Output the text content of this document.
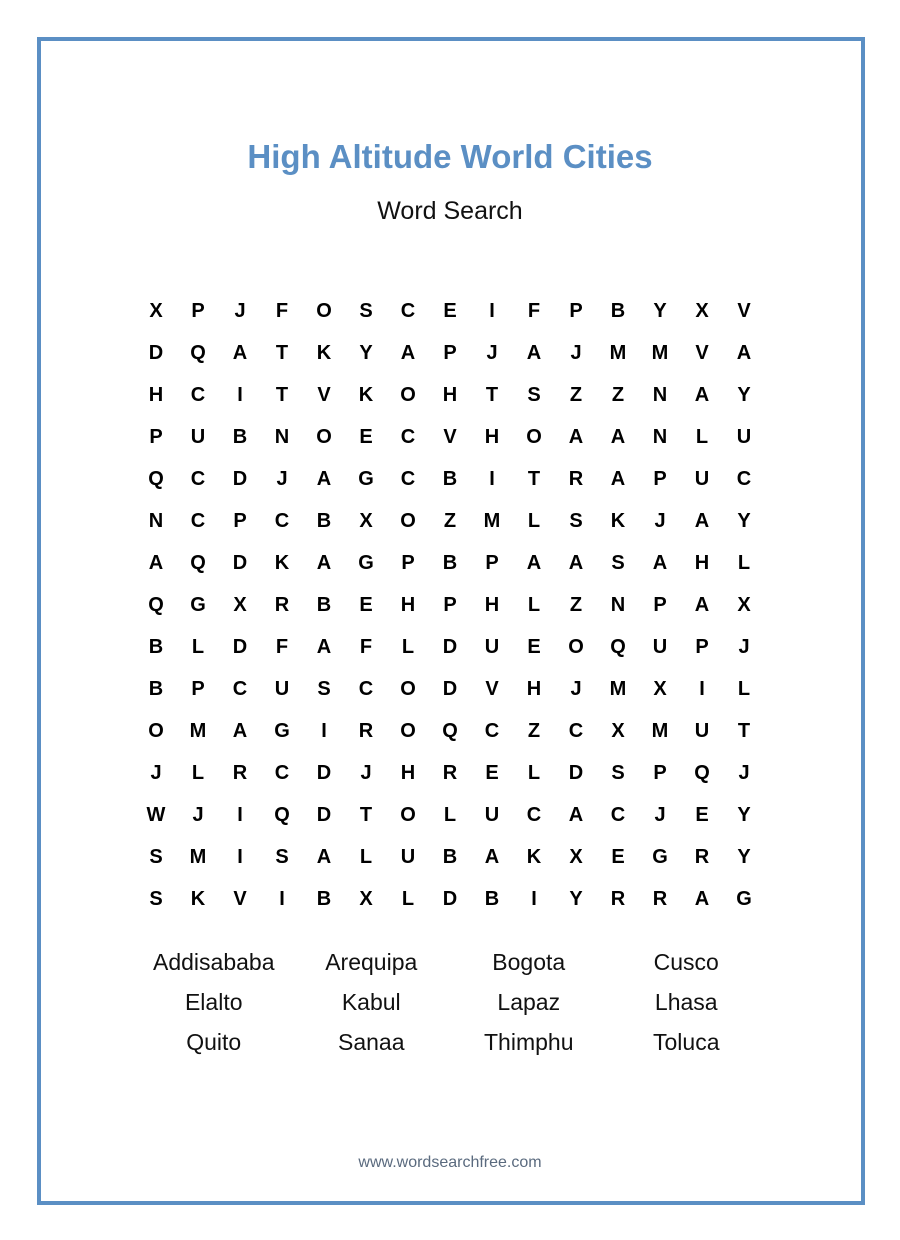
High Altitude World Cities
Word Search
X	P	J	F	O	S	C	E	I	F	P	B	Y	X	V
D	Q	A	T	K	Y	A	P	J	A	J	M	M	V	A
H	C	I	T	V	K	O	H	T	S	Z	Z	N	A	Y
P	U	B	N	O	E	C	V	H	O	A	A	N	L	U
Q	C	D	J	A	G	C	B	I	T	R	A	P	U	C
N	C	P	C	B	X	O	Z	M	L	S	K	J	A	Y
A	Q	D	K	A	G	P	B	P	A	A	S	A	H	L
Q	G	X	R	B	E	H	P	H	L	Z	N	P	A	X
B	L	D	F	A	F	L	D	U	E	O	Q	U	P	J
B	P	C	U	S	C	O	D	V	H	J	M	X	I	L
O	M	A	G	I	R	O	Q	C	Z	C	X	M	U	T
J	L	R	C	D	J	H	R	E	L	D	S	P	Q	J
W	J	I	Q	D	T	O	L	U	C	A	C	J	E	Y
S	M	I	S	A	L	U	B	A	K	X	E	G	R	Y
S	K	V	I	B	X	L	D	B	I	Y	R	R	A	G
Addisababa	Arequipa	Bogota	Cusco
Elalto	Kabul	Lapaz	Lhasa
Quito	Sanaa	Thimphu	Toluca
www.wordsearchfree.com
